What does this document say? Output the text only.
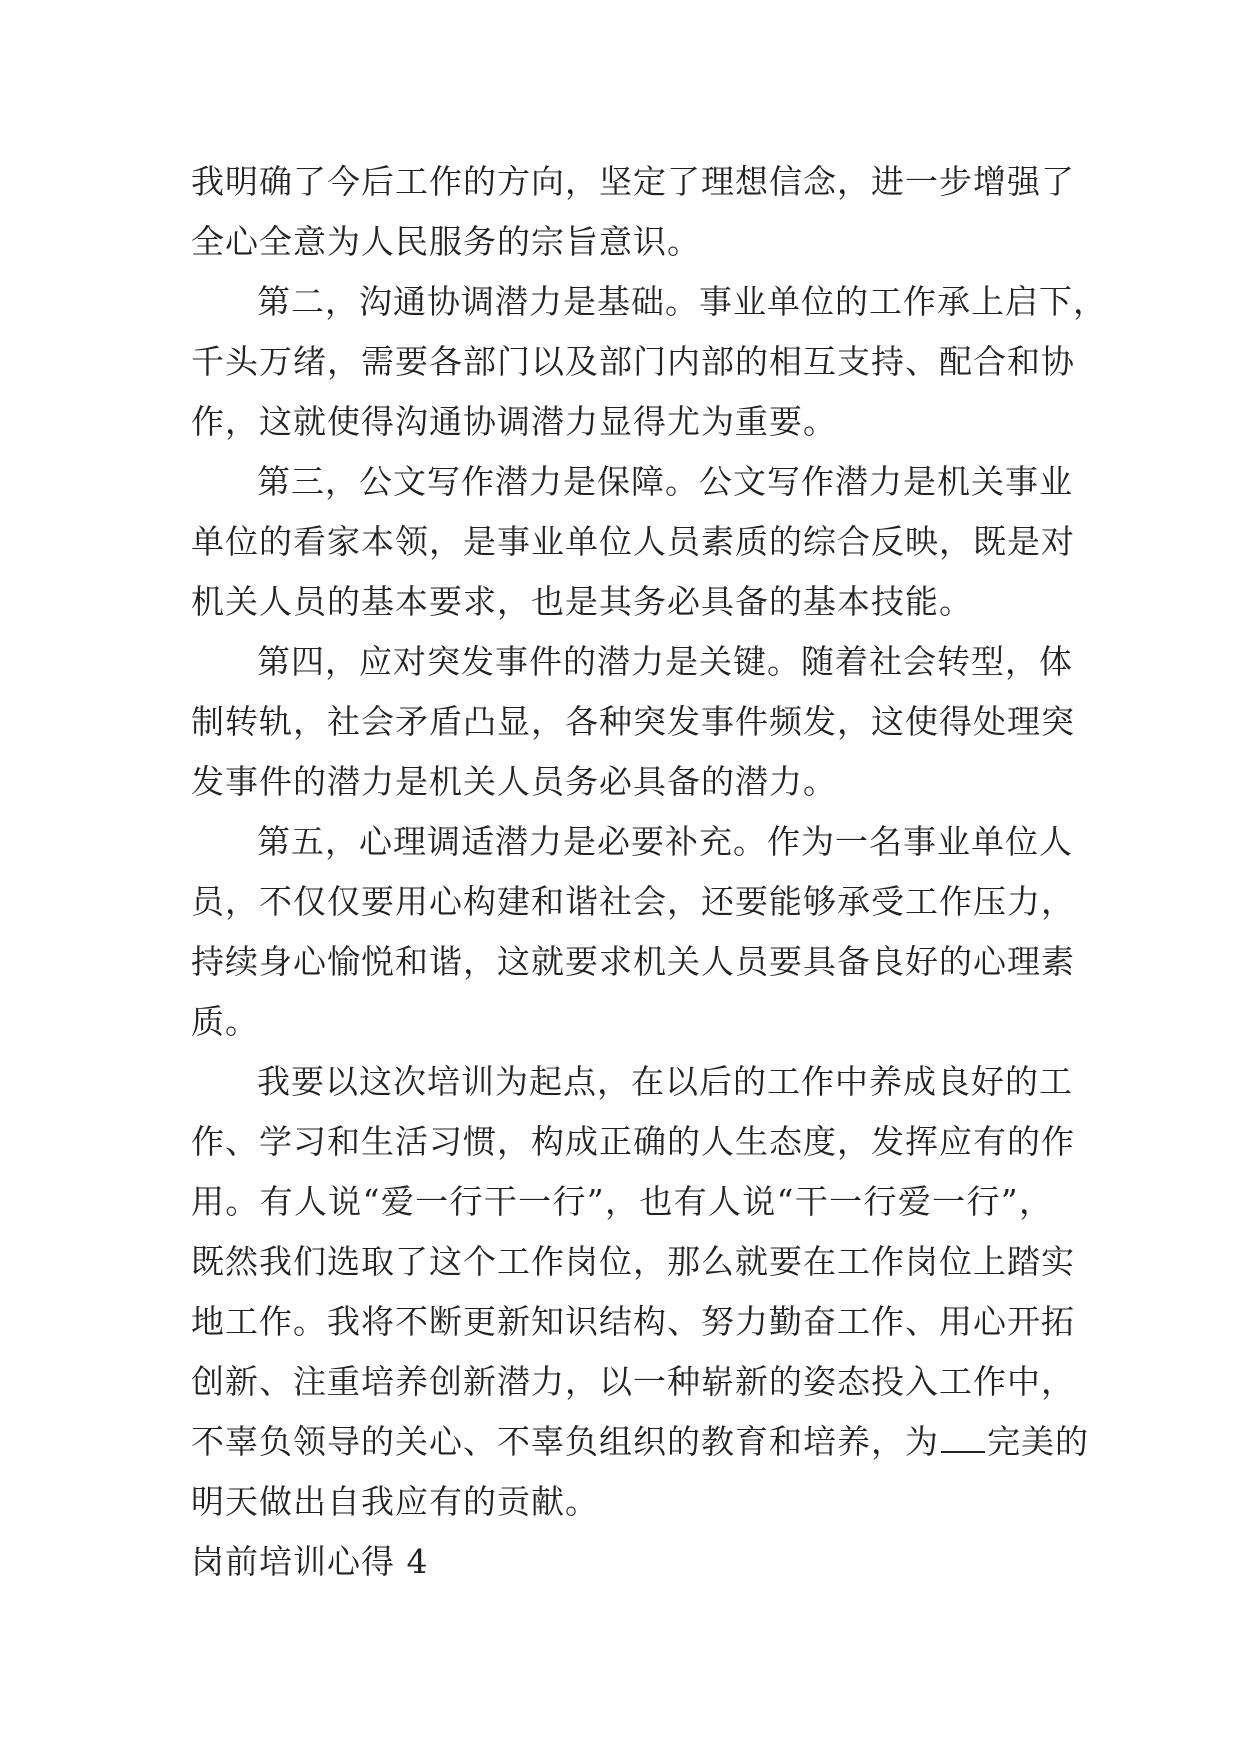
我明确了今后工作的方向，坚定了理想信念，进一步增强了
全心全意为人民服务的宗旨意识。
第二，沟通协调潜力是基础。事业单位的工作承上启下，
千头万绪，需要各部门以及部门内部的相互支持、配合和协
作，这就使得沟通协调潜力显得尤为重要。
第三，公文写作潜力是保障。公文写作潜力是机关事业
单位的看家本领，是事业单位人员素质的综合反映，既是对
机关人员的基本要求，也是其务必具备的基本技能。
第四，应对突发事件的潜力是关键。随着社会转型，体
制转轨，社会矛盾凸显，各种突发事件频发，这使得处理突
发事件的潜力是机关人员务必具备的潜力。
第五，心理调适潜力是必要补充。作为一名事业单位人
员，不仅仅要用心构建和谐社会，还要能够承受工作压力，
持续身心愉悦和谐，这就要求机关人员要具备良好的心理素
质。
我要以这次培训为起点，在以后的工作中养成良好的工
作、学习和生活习惯，构成正确的人生态度，发挥应有的作
用。有人说“爱一行干一行”，也有人说“干一行爱一行”，
既然我们选取了这个工作岗位，那么就要在工作岗位上踏实
地工作。我将不断更新知识结构、努力勤奋工作、用心开拓
创新、注重培养创新潜力，以一种崭新的姿态投入工作中，
不辜负领导的关心、不辜负组织的教育和培养，为 完美的
明天做出自我应有的贡献。
岗前培训心得 4
